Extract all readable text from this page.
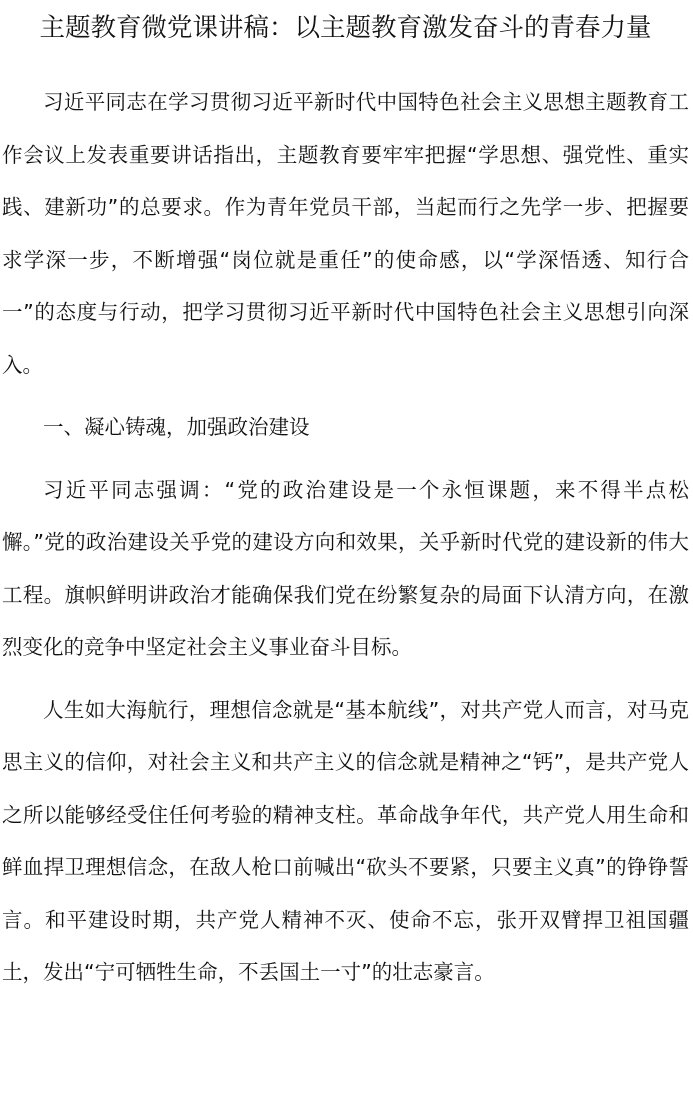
主题教育微党课讲稿：以主题教育激发奋斗的青春力量

习近平同志在学习贯彻习近平新时代中国特色社会主义思想主题教育工作会议上发表重要讲话指出，主题教育要牢牢把握“学思想、强党性、重实践、建新功”的总要求。作为青年党员干部，当起而行之先学一步、把握要求学深一步，不断增强“岗位就是重任”的使命感，以“学深悟透、知行合一”的态度与行动，把学习贯彻习近平新时代中国特色社会主义思想引向深入。

一、凝心铸魂，加强政治建设

习近平同志强调：“党的政治建设是一个永恒课题，来不得半点松懈。”党的政治建设关乎党的建设方向和效果，关乎新时代党的建设新的伟大工程。旗帜鲜明讲政治才能确保我们党在纷繁复杂的局面下认清方向，在激烈变化的竞争中坚定社会主义事业奋斗目标。

人生如大海航行，理想信念就是“基本航线”，对共产党人而言，对马克思主义的信仰，对社会主义和共产主义的信念就是精神之“钙”，是共产党人之所以能够经受住任何考验的精神支柱。革命战争年代，共产党人用生命和鲜血捍卫理想信念，在敌人枪口前喊出“砍头不要紧，只要主义真”的铮铮誓言。和平建设时期，共产党人精神不灭、使命不忘，张开双臂捍卫祖国疆土，发出“宁可牺牲生命，不丢国土一寸”的壮志豪言。
